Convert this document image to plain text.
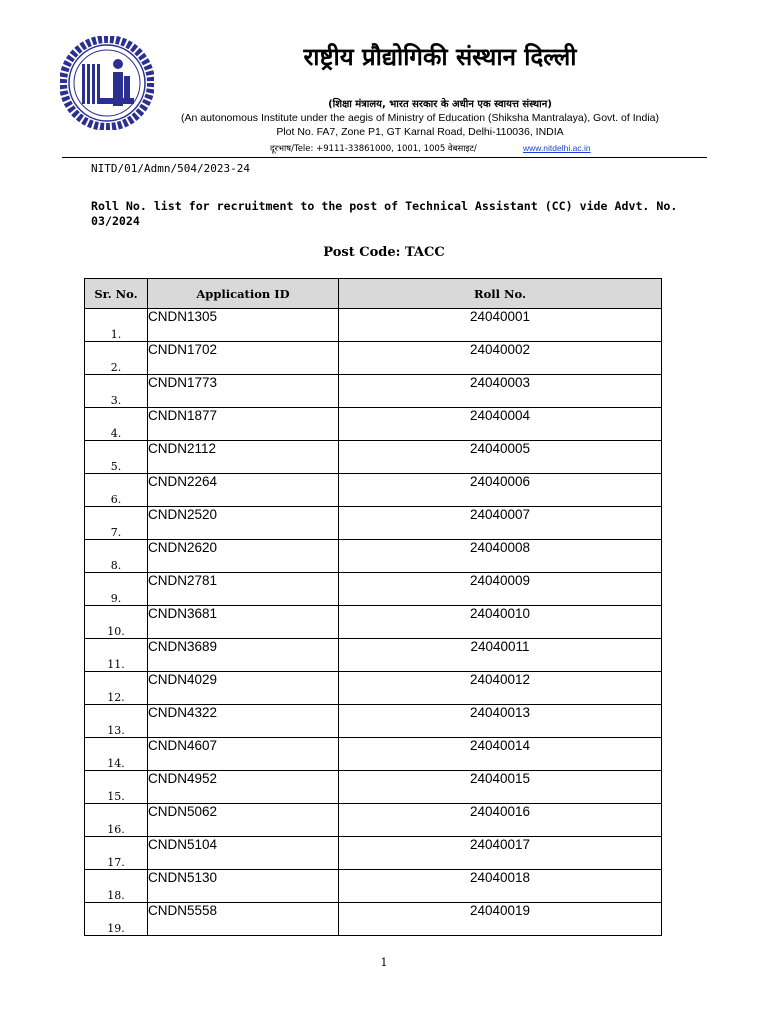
राष्ट्रीय प्रौद्योगिकी संस्थान दिल्ली
(शिक्षा मंत्रालय, भारत सरकार के अधीन एक स्वायत्त संस्थान)
(An autonomous Institute under the aegis of Ministry of Education (Shiksha Mantralaya), Govt. of India)
Plot No. FA7, Zone P1, GT Karnal Road, Delhi-110036, INDIA
दूरभाष/Tele: +9111-33861000, 1001, 1005 वेबसाइट/	www.nitdelhi.ac.in
NITD/01/Admn/504/2023-24
Roll No. list for recruitment to the post of Technical Assistant (CC) vide Advt. No.
03/2024
Post Code: TACC
Sr. No.	Application ID	Roll No.
1.	CNDN1305	24040001
2.	CNDN1702	24040002
3.	CNDN1773	24040003
4.	CNDN1877	24040004
5.	CNDN2112	24040005
6.	CNDN2264	24040006
7.	CNDN2520	24040007
8.	CNDN2620	24040008
9.	CNDN2781	24040009
10.	CNDN3681	24040010
11.	CNDN3689	24040011
12.	CNDN4029	24040012
13.	CNDN4322	24040013
14.	CNDN4607	24040014
15.	CNDN4952	24040015
16.	CNDN5062	24040016
17.	CNDN5104	24040017
18.	CNDN5130	24040018
19.	CNDN5558	24040019
1
